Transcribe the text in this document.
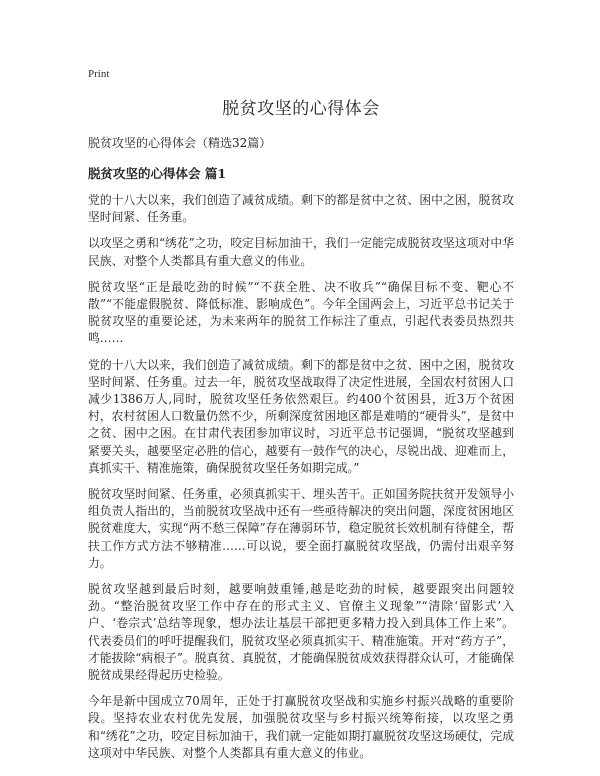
Print
脱贫攻坚的心得体会

脱贫攻坚的心得体会（精选32篇）

脱贫攻坚的心得体会 篇1

党的十八大以来，我们创造了减贫成绩。剩下的都是贫中之贫、困中之困，脱贫攻坚时间紧、任务重。

以攻坚之勇和“绣花”之功，咬定目标加油干，我们一定能完成脱贫攻坚这项对中华民族、对整个人类都具有重大意义的伟业。

脱贫攻坚“正是最吃劲的时候”“不获全胜、决不收兵”“确保目标不变、靶心不散”“不能虚假脱贫、降低标准、影响成色”。今年全国两会上，习近平总书记关于脱贫攻坚的重要论述，为未来两年的脱贫工作标注了重点，引起代表委员热烈共鸣……

党的十八大以来，我们创造了减贫成绩。剩下的都是贫中之贫、困中之困，脱贫攻坚时间紧、任务重。过去一年，脱贫攻坚战取得了决定性进展，全国农村贫困人口减少1386万人,同时，脱贫攻坚任务依然艰巨。约400个贫困县，近3万个贫困村，农村贫困人口数量仍然不少，所剩深度贫困地区都是难啃的“硬骨头”，是贫中之贫、困中之困。在甘肃代表团参加审议时，习近平总书记强调，“脱贫攻坚越到紧要关头，越要坚定必胜的信心，越要有一鼓作气的决心，尽锐出战、迎难而上，真抓实干、精准施策，确保脱贫攻坚任务如期完成。”

脱贫攻坚时间紧、任务重，必须真抓实干、埋头苦干。正如国务院扶贫开发领导小组负责人指出的，当前脱贫攻坚战中还有一些亟待解决的突出问题，深度贫困地区脱贫难度大，实现“两不愁三保障”存在薄弱环节，稳定脱贫长效机制有待健全，帮扶工作方式方法不够精准……可以说，要全面打赢脱贫攻坚战，仍需付出艰辛努力。

脱贫攻坚越到最后时刻，越要响鼓重锤,越是吃劲的时候，越要跟突出问题较劲。“整治脱贫攻坚工作中存在的形式主义、官僚主义现象”“清除‘留影式’入户、‘卷宗式’总结等现象，想办法让基层干部把更多精力投入到具体工作上来”。代表委员们的呼吁提醒我们，脱贫攻坚必须真抓实干、精准施策。开对“药方子”，才能拔除“病根子”。脱真贫、真脱贫，才能确保脱贫成效获得群众认可，才能确保脱贫成果经得起历史检验。

今年是新中国成立70周年，正处于打赢脱贫攻坚战和实施乡村振兴战略的重要阶段。坚持农业农村优先发展，加强脱贫攻坚与乡村振兴统筹衔接，以攻坚之勇和“绣花”之功，咬定目标加油干，我们就一定能如期打赢脱贫攻坚这场硬仗，完成这项对中华民族、对整个人类都具有重大意义的伟业。
